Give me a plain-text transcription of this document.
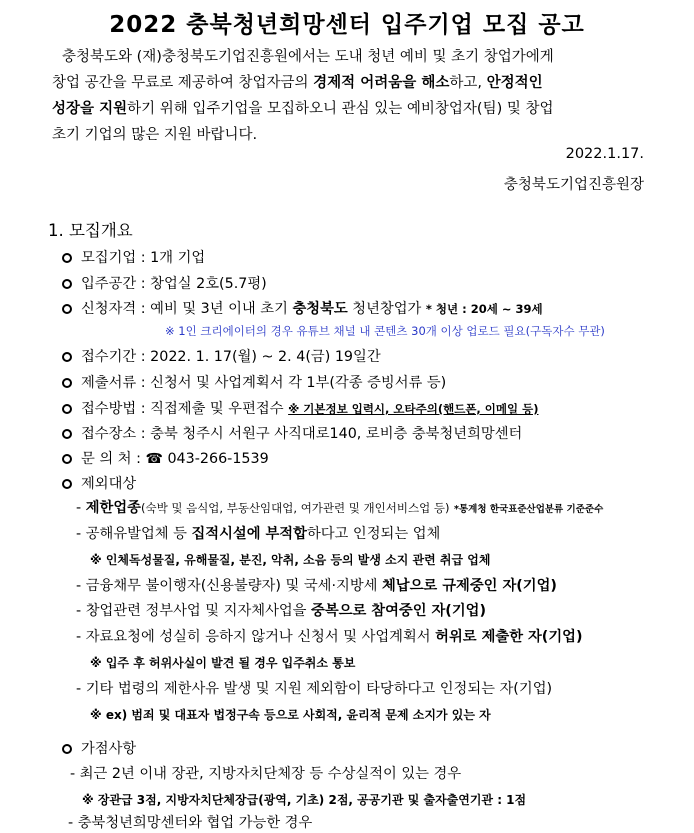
2022 충북청년희망센터 입주기업 모집 공고
충청북도와 (재)충청북도기업진흥원에서는 도내 청년 예비 및 초기 창업가에게
창업 공간을 무료로 제공하여 창업자금의 경제적 어려움을 해소하고, 안정적인
성장을 지원하기 위해 입주기업을 모집하오니 관심 있는 예비창업자(팀) 및 창업
초기 기업의 많은 지원 바랍니다.

2022.1.17.

충청북도기업진흥원장

1. 모집개요

모집기업 : 1개 기업

입주공간 : 창업실 2호(5.7평)

신청자격 : 예비 및 3년 이내 초기 충청북도 청년창업가 * 청년 : 20세 ~ 39세

※ 1인 크리에이터의 경우 유튜브 채널 내 콘텐츠 30개 이상 업로드 필요(구독자수 무관)

접수기간 : 2022. 1. 17(월) ~ 2. 4(금) 19일간

제출서류 : 신청서 및 사업계획서 각 1부(각종 증빙서류 등)

접수방법 : 직접제출 및 우편접수 ※ 기본정보 입력시, 오타주의(핸드폰, 이메일 등)

접수장소 : 충북 청주시 서원구 사직대로140, 로비층 충북청년희망센터

문 의 처 : ☎ 043-266-1539

제외대상

- 제한업종(숙박 및 음식업, 부동산임대업, 여가관련 및 개인서비스업 등) *통계청 한국표준산업분류 기준준수

- 공해유발업체 등 집적시설에 부적합하다고 인정되는 업체

※ 인체독성물질, 유해물질, 분진, 악취, 소음 등의 발생 소지 관련 취급 업체

- 금융채무 불이행자(신용불량자) 및 국세·지방세 체납으로 규제중인 자(기업)

- 창업관련 정부사업 및 지자체사업을 중복으로 참여중인 자(기업)

- 자료요청에 성실히 응하지 않거나 신청서 및 사업계획서 허위로 제출한 자(기업)

※ 입주 후 허위사실이 발견 될 경우 입주취소 통보

- 기타 법령의 제한사유 발생 및 지원 제외함이 타당하다고 인정되는 자(기업)

※ ex) 범죄 및 대표자 법정구속 등으로 사회적, 윤리적 문제 소지가 있는 자

가점사항

- 최근 2년 이내 장관, 지방자치단체장 등 수상실적이 있는 경우

※ 장관급 3점, 지방자치단체장급(광역, 기초) 2점, 공공기관 및 출자출연기관 : 1점

- 충북청년희망센터와 협업 가능한 경우
